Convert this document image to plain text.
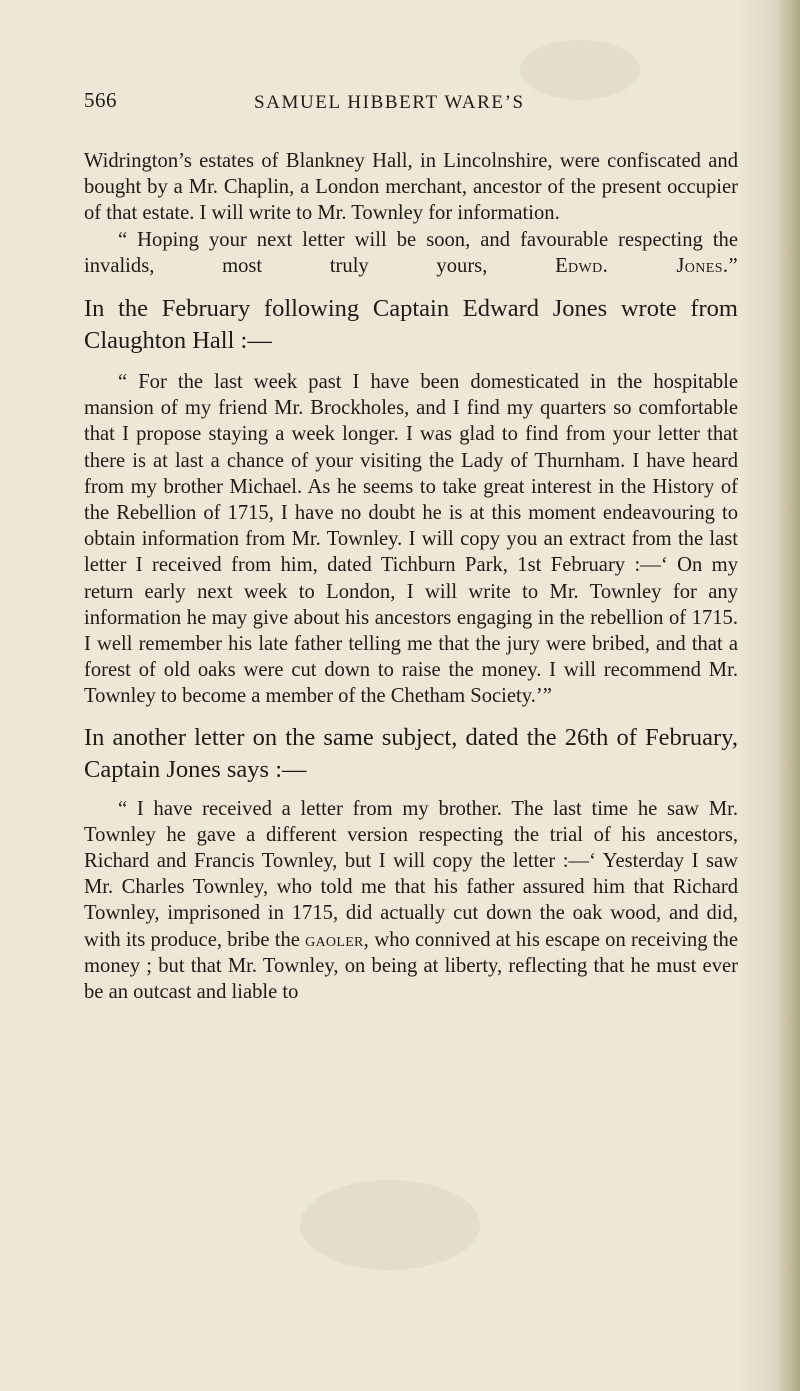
566	SAMUEL HIBBERT WARE’S

Widrington’s estates of Blankney Hall, in Lincolnshire, were confiscated and bought by a Mr. Chaplin, a London merchant, ancestor of the present occupier of that estate. I will write to Mr. Townley for information.

“ Hoping your next letter will be soon, and favourable respecting the invalids, most truly yours,	Edwd. Jones.”

In the February following Captain Edward Jones wrote from Claughton Hall :—

“ For the last week past I have been domesticated in the hospitable mansion of my friend Mr. Brockholes, and I find my quarters so comfortable that I propose staying a week longer. I was glad to find from your letter that there is at last a chance of your visiting the Lady of Thurnham. I have heard from my brother Michael. As he seems to take great interest in the History of the Rebellion of 1715, I have no doubt he is at this moment endeavouring to obtain information from Mr. Townley. I will copy you an extract from the last letter I received from him, dated Tichburn Park, 1st February :—‘ On my return early next week to London, I will write to Mr. Townley for any information he may give about his ancestors engaging in the rebellion of 1715. I well remember his late father telling me that the jury were bribed, and that a forest of old oaks were cut down to raise the money. I will recommend Mr. Townley to become a member of the Chetham Society.’”

In another letter on the same subject, dated the 26th of February, Captain Jones says :—

“ I have received a letter from my brother. The last time he saw Mr. Townley he gave a different version respecting the trial of his ancestors, Richard and Francis Townley, but I will copy the letter :—‘ Yesterday I saw Mr. Charles Townley, who told me that his father assured him that Richard Townley, imprisoned in 1715, did actually cut down the oak wood, and did, with its produce, bribe the gaoler, who connived at his escape on receiving the money ; but that Mr. Townley, on being at liberty, reflecting that he must ever be an outcast and liable to
